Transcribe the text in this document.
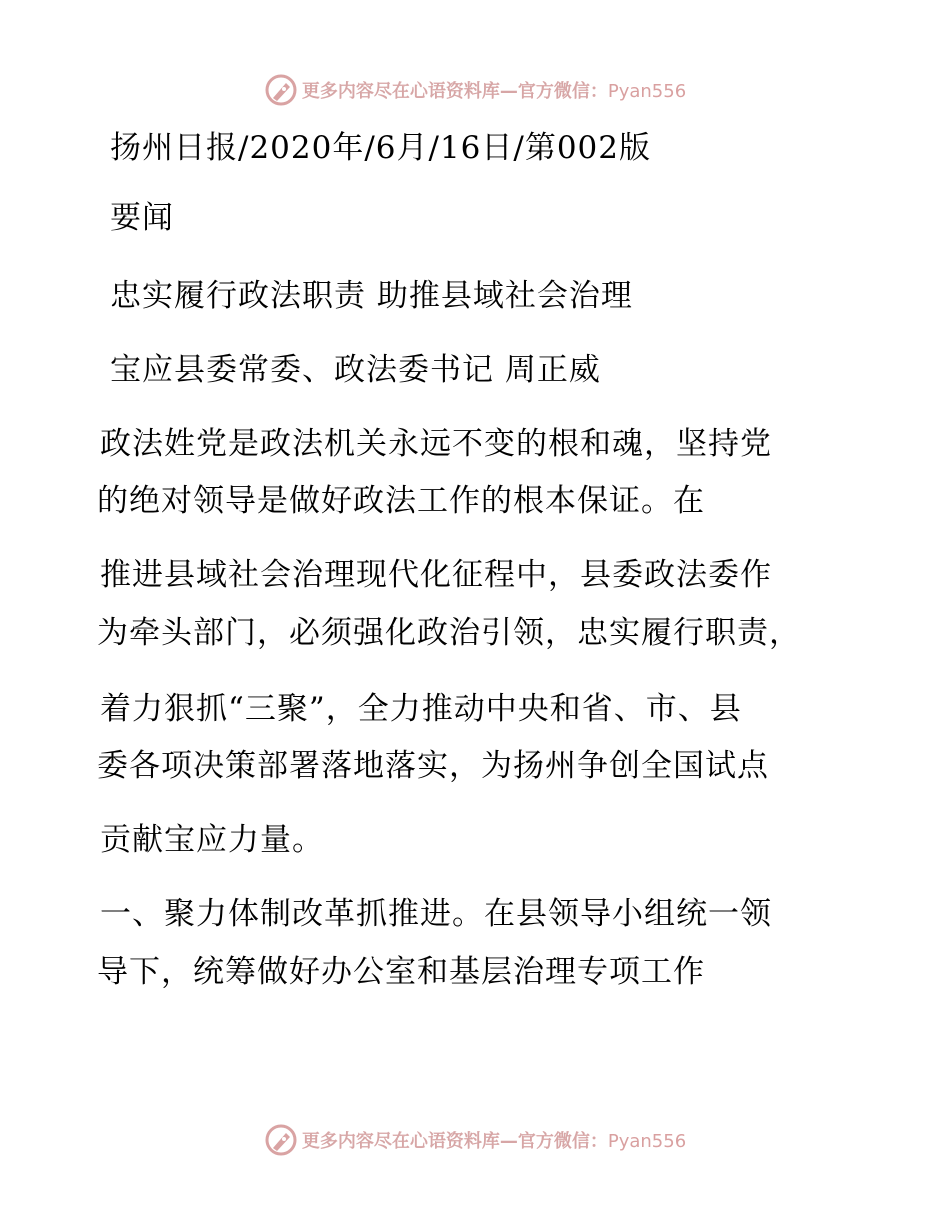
更多内容尽在心语资料库—官方微信：Pyan556
扬州日报/2020年/6月/16日/第002版
要闻
忠实履行政法职责 助推县域社会治理
宝应县委常委、政法委书记 周正威
政法姓党是政法机关永远不变的根和魂，坚持党
的绝对领导是做好政法工作的根本保证。在
推进县域社会治理现代化征程中，县委政法委作
为牵头部门，必须强化政治引领，忠实履行职责，
着力狠抓“三聚”，全力推动中央和省、市、县
委各项决策部署落地落实，为扬州争创全国试点
贡献宝应力量。
一、聚力体制改革抓推进。在县领导小组统一领
导下，统筹做好办公室和基层治理专项工作
更多内容尽在心语资料库—官方微信：Pyan556
